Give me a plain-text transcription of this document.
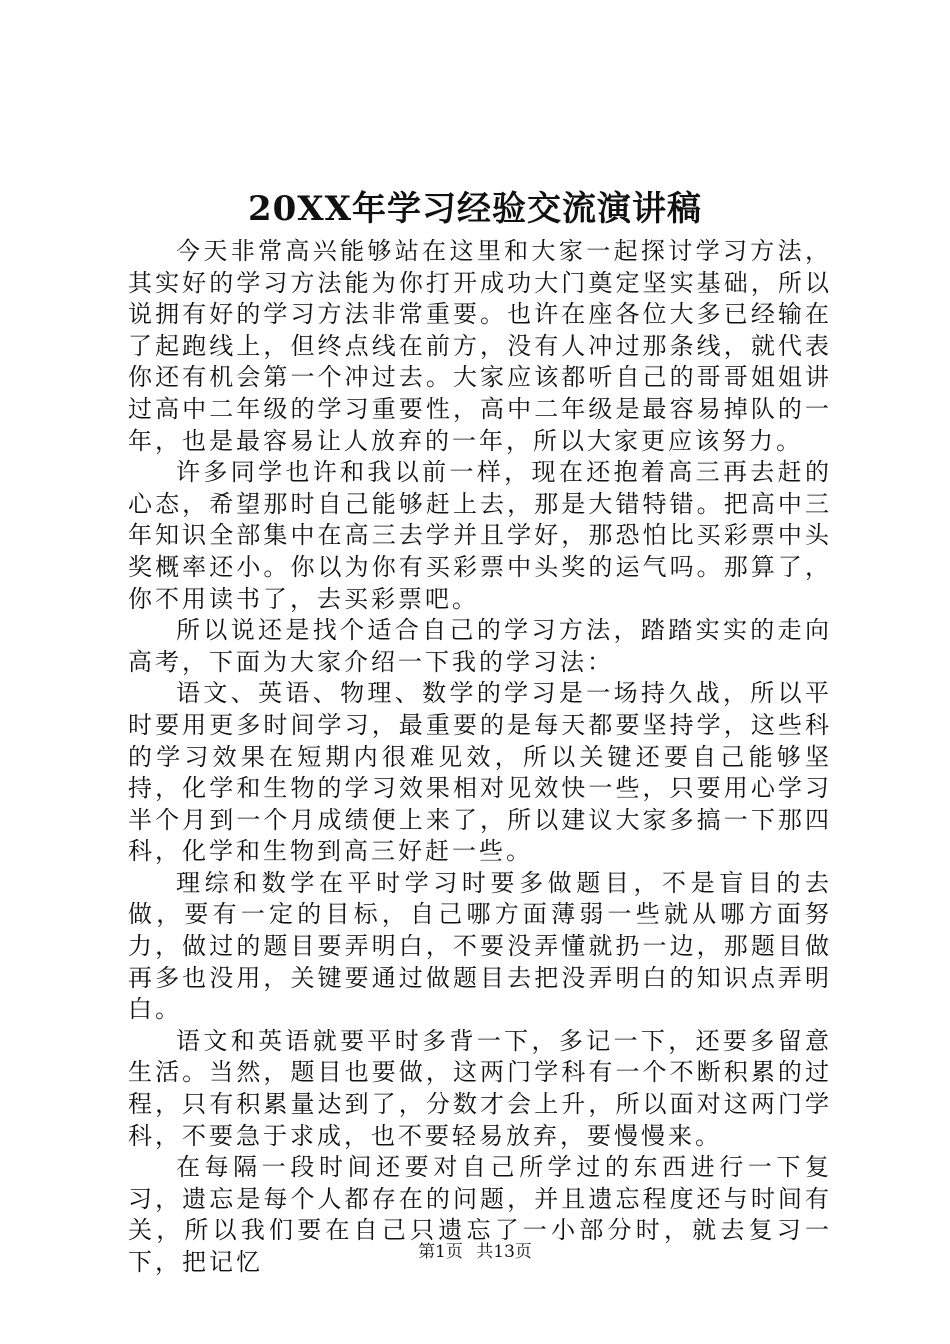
20XX年学习经验交流演讲稿

今天非常高兴能够站在这里和大家一起探讨学习方法，其实好的学习方法能为你打开成功大门奠定坚实基础，所以说拥有好的学习方法非常重要。也许在座各位大多已经输在了起跑线上，但终点线在前方，没有人冲过那条线，就代表你还有机会第一个冲过去。大家应该都听自己的哥哥姐姐讲过高中二年级的学习重要性，高中二年级是最容易掉队的一年，也是最容易让人放弃的一年，所以大家更应该努力。

许多同学也许和我以前一样，现在还抱着高三再去赶的心态，希望那时自己能够赶上去，那是大错特错。把高中三年知识全部集中在高三去学并且学好，那恐怕比买彩票中头奖概率还小。你以为你有买彩票中头奖的运气吗。那算了，你不用读书了，去买彩票吧。

所以说还是找个适合自己的学习方法，踏踏实实的走向高考，下面为大家介绍一下我的学习法：

语文、英语、物理、数学的学习是一场持久战，所以平时要用更多时间学习，最重要的是每天都要坚持学，这些科的学习效果在短期内很难见效，所以关键还要自己能够坚持，化学和生物的学习效果相对见效快一些，只要用心学习半个月到一个月成绩便上来了，所以建议大家多搞一下那四科，化学和生物到高三好赶一些。

理综和数学在平时学习时要多做题目，不是盲目的去做，要有一定的目标，自己哪方面薄弱一些就从哪方面努力，做过的题目要弄明白，不要没弄懂就扔一边，那题目做再多也没用，关键要通过做题目去把没弄明白的知识点弄明白。

语文和英语就要平时多背一下，多记一下，还要多留意生活。当然，题目也要做，这两门学科有一个不断积累的过程，只有积累量达到了，分数才会上升，所以面对这两门学科，不要急于求成，也不要轻易放弃，要慢慢来。

在每隔一段时间还要对自己所学过的东西进行一下复习，遗忘是每个人都存在的问题，并且遗忘程度还与时间有关，所以我们要在自己只遗忘了一小部分时，就去复习一下，把记忆	第1页 共13页
